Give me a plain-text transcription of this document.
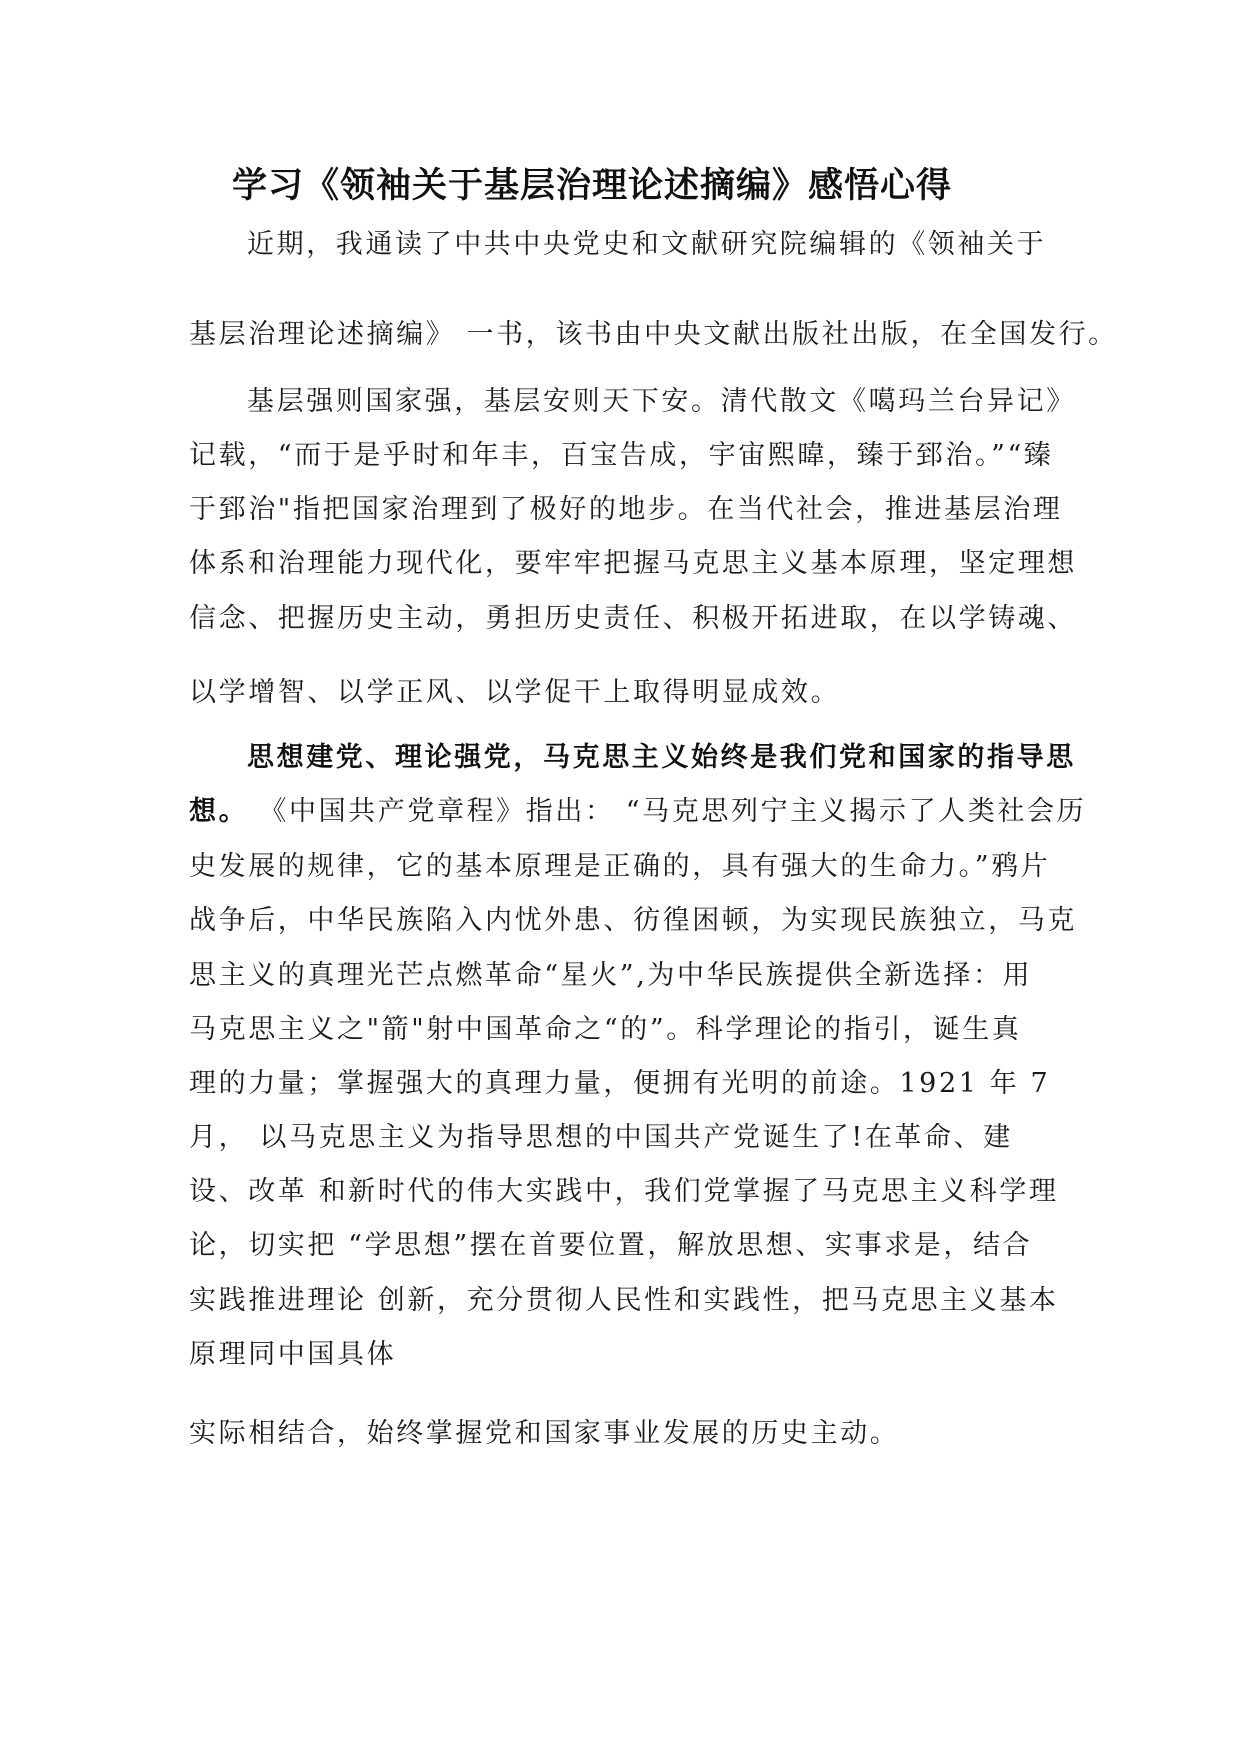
学习《领袖关于基层治理论述摘编》感悟心得
近期，我通读了中共中央党史和文献研究院编辑的《领袖关于
基层治理论述摘编》 一书，该书由中央文献出版社出版，在全国发行。
基层强则国家强，基层安则天下安。清代散文《噶玛兰台异记》
记载，“而于是乎时和年丰，百宝告成，宇宙熙暐，臻于郅治。”“臻
于郅治"指把国家治理到了极好的地步。在当代社会，推进基层治理
体系和治理能力现代化，要牢牢把握马克思主义基本原理，坚定理想
信念、把握历史主动，勇担历史责任、积极开拓进取，在以学铸魂、
以学增智、以学正风、以学促干上取得明显成效。
思想建党、理论强党，马克思主义始终是我们党和国家的指导思
想。 《中国共产党章程》指出： “马克思列宁主义揭示了人类社会历
史发展的规律，它的基本原理是正确的，具有强大的生命力。”鸦片
战争后，中华民族陷入内忧外患、彷徨困顿，为实现民族独立，马克
思主义的真理光芒点燃革命“星火”,为中华民族提供全新选择：用
马克思主义之"箭"射中国革命之“的”。科学理论的指引，诞生真
理的力量；掌握强大的真理力量，便拥有光明的前途。1921 年 7
月， 以马克思主义为指导思想的中国共产党诞生了!在革命、建
设、改革 和新时代的伟大实践中，我们党掌握了马克思主义科学理
论，切实把 “学思想”摆在首要位置，解放思想、实事求是，结合
实践推进理论 创新，充分贯彻人民性和实践性，把马克思主义基本
原理同中国具体
实际相结合，始终掌握党和国家事业发展的历史主动。
